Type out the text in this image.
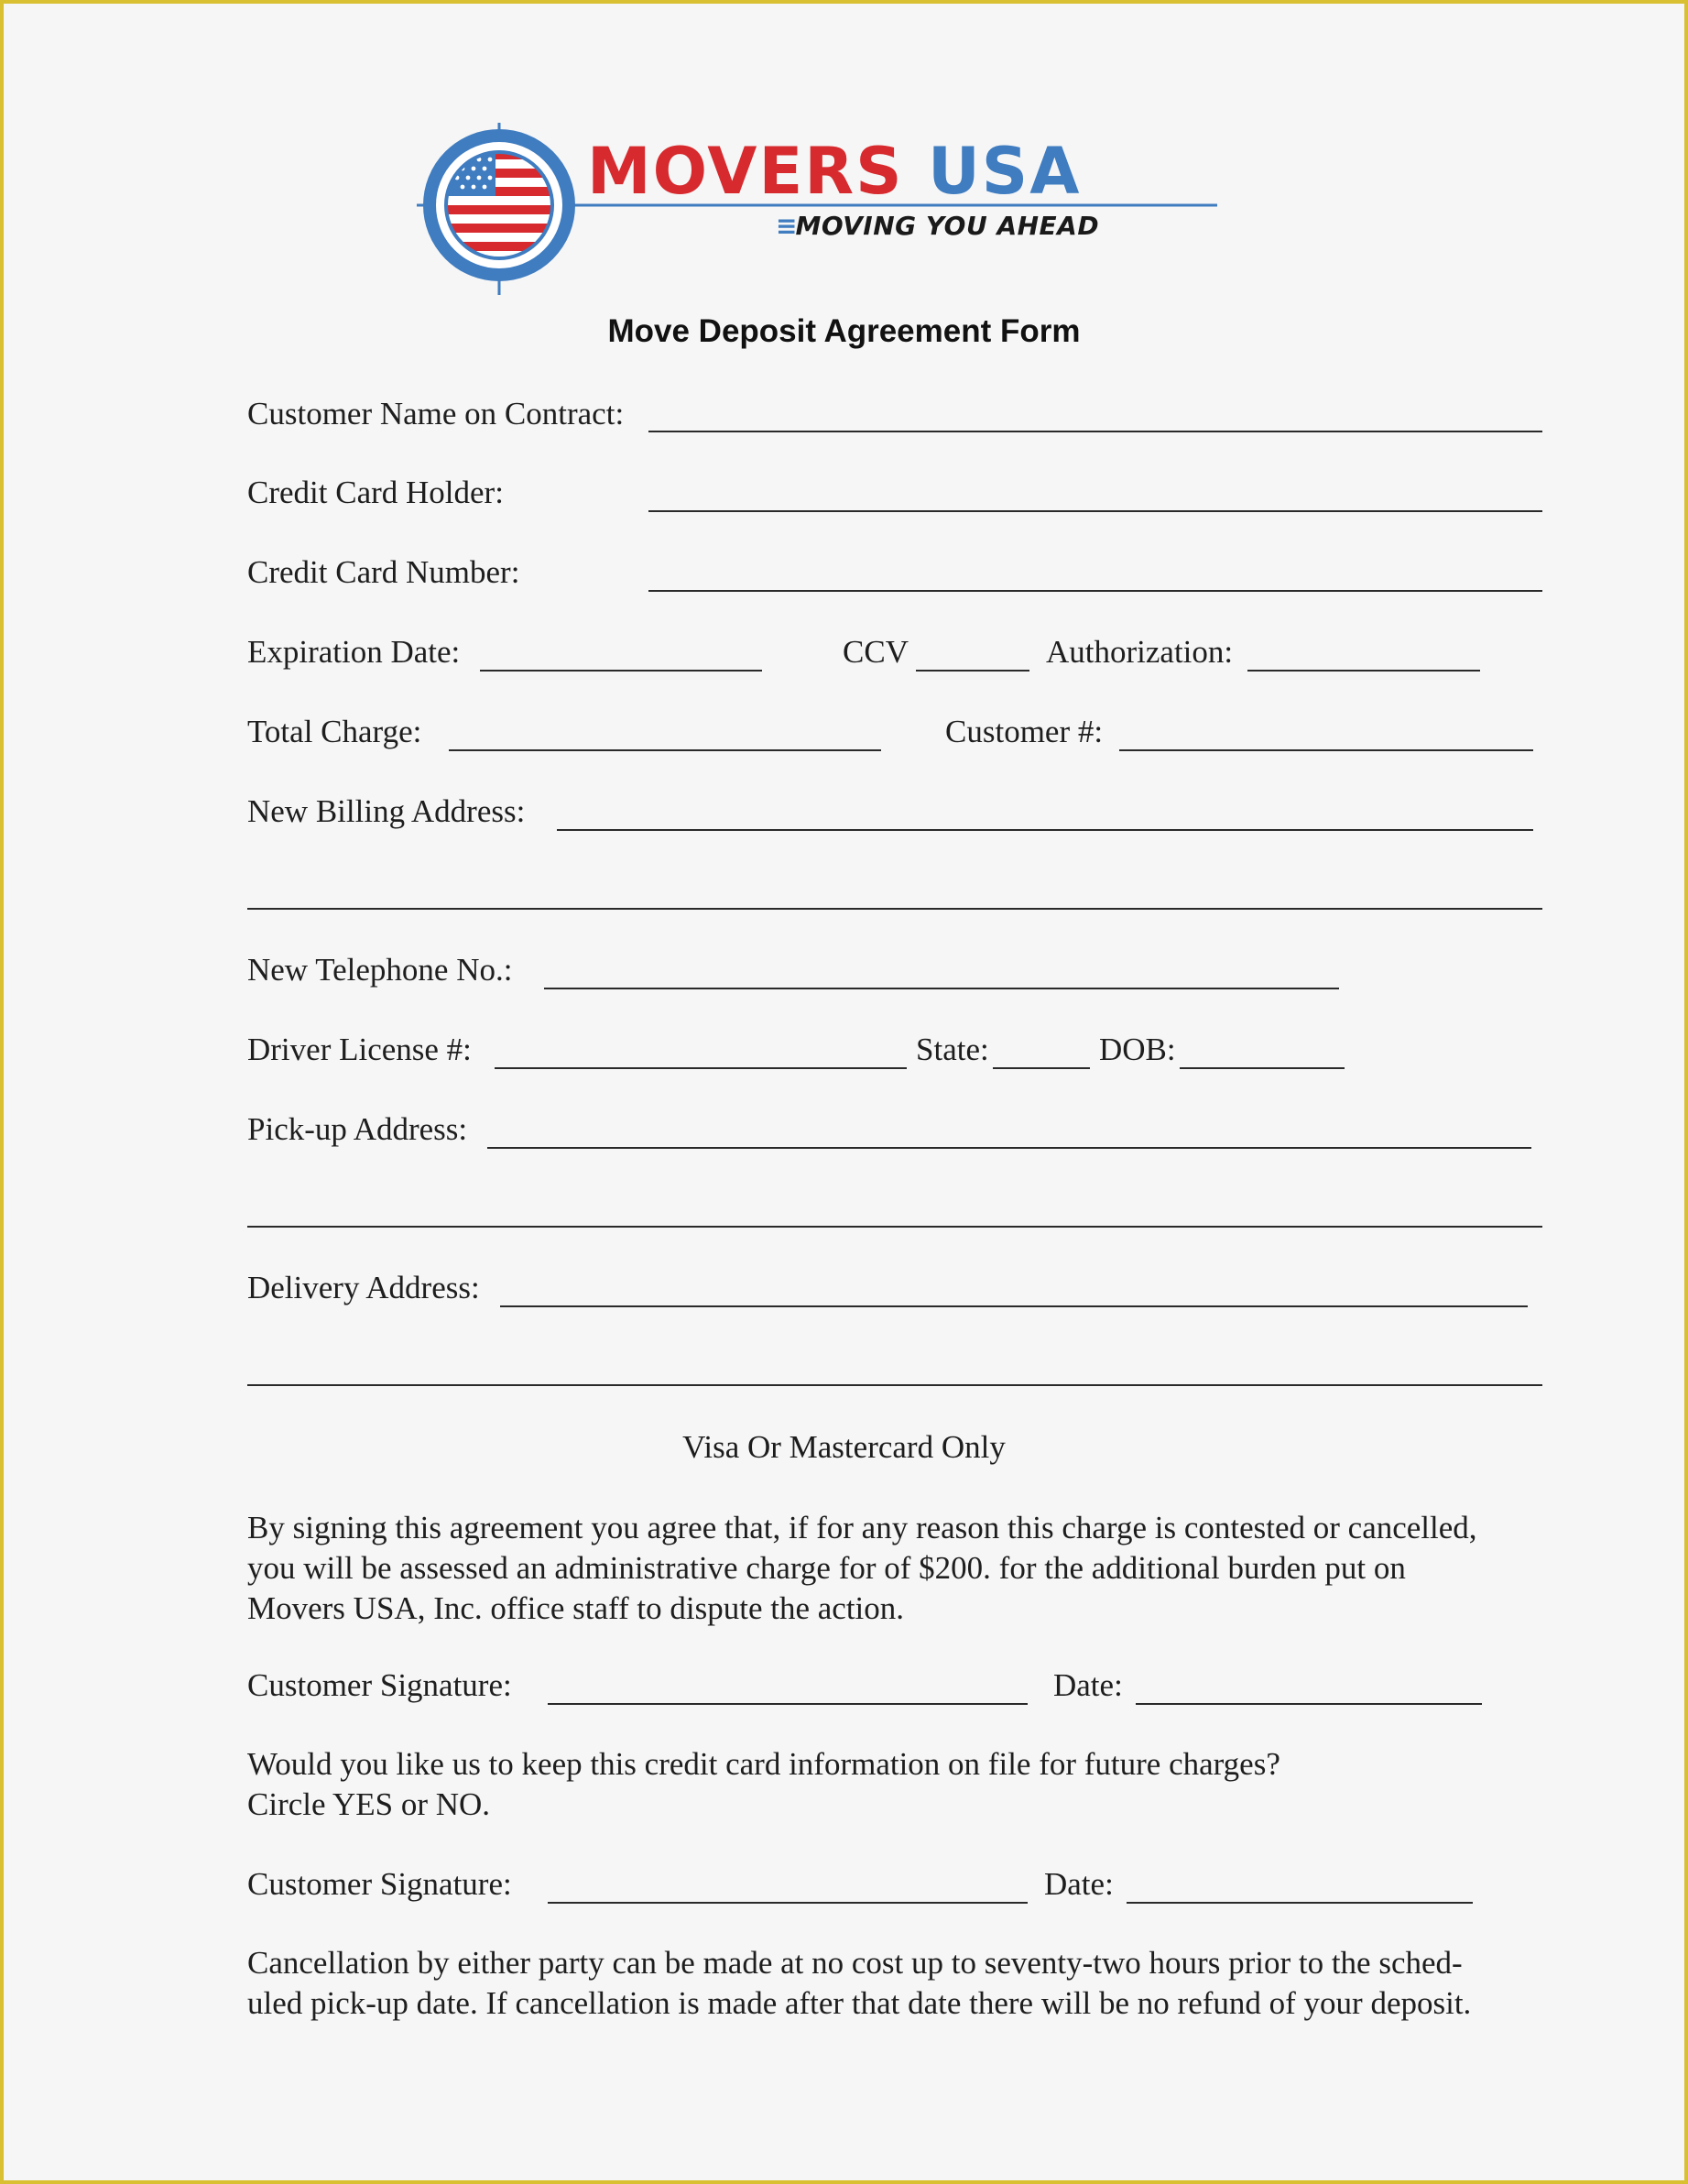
MOVERS USA
≡MOVING YOU AHEAD
Move Deposit Agreement Form
Customer Name on Contract:
Credit Card Holder:
Credit Card Number:
Expiration Date:	CCV	Authorization:
Total Charge:	Customer #:
New Billing Address:
New Telephone No.:
Driver License #:	State:	DOB:
Pick-up Address:
Delivery Address:
Visa Or Mastercard Only
By signing this agreement you agree that, if for any reason this charge is contested or cancelled,
you will be assessed an administrative charge for of $200. for the additional burden put on
Movers USA, Inc. office staff to dispute the action.
Customer Signature:	Date:
Would you like us to keep this credit card information on file for future charges?
Circle YES or NO.
Customer Signature:	Date:
Cancellation by either party can be made at no cost up to seventy-two hours prior to the sched-
uled pick-up date. If cancellation is made after that date there will be no refund of your deposit.
